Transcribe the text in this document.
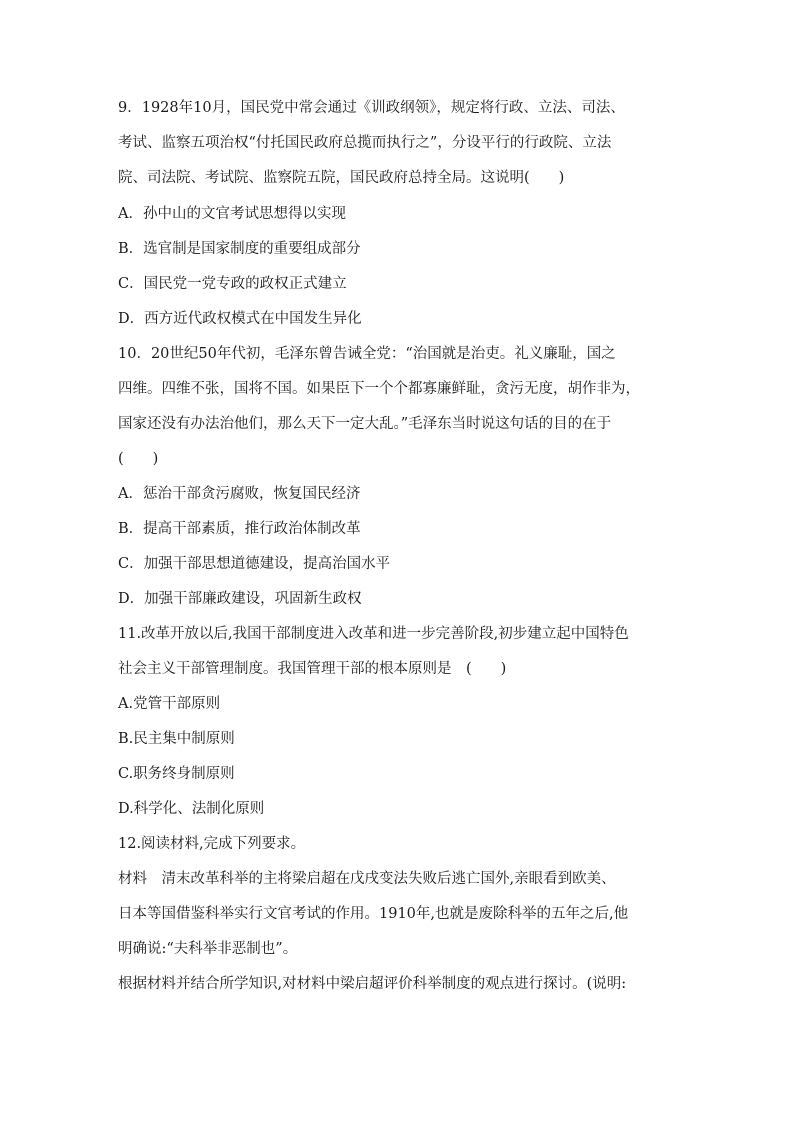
9．1928年10月，国民党中常会通过《训政纲领》，规定将行政、立法、司法、
考试、监察五项治权“付托国民政府总揽而执行之”，分设平行的行政院、立法
院、司法院、考试院、监察院五院，国民政府总持全局。这说明(　　)
A．孙中山的文官考试思想得以实现
B．选官制是国家制度的重要组成部分
C．国民党一党专政的政权正式建立
D．西方近代政权模式在中国发生异化
10．20世纪50年代初，毛泽东曾告诫全党：“治国就是治吏。礼义廉耻，国之
四维。四维不张，国将不国。如果臣下一个个都寡廉鲜耻，贪污无度，胡作非为，
国家还没有办法治他们，那么天下一定大乱。”毛泽东当时说这句话的目的在于
(　　)
A．惩治干部贪污腐败，恢复国民经济
B．提高干部素质，推行政治体制改革
C．加强干部思想道德建设，提高治国水平
D．加强干部廉政建设，巩固新生政权
11.改革开放以后,我国干部制度进入改革和进一步完善阶段,初步建立起中国特色
社会主义干部管理制度。我国管理干部的根本原则是　(　　)
A.党管干部原则
B.民主集中制原则
C.职务终身制原则
D.科学化、法制化原则
12.阅读材料,完成下列要求。
材料　清末改革科举的主将梁启超在戊戌变法失败后逃亡国外,亲眼看到欧美、
日本等国借鉴科举实行文官考试的作用。1910年,也就是废除科举的五年之后,他
明确说:“夫科举非恶制也”。
根据材料并结合所学知识,对材料中梁启超评价科举制度的观点进行探讨。(说明:
